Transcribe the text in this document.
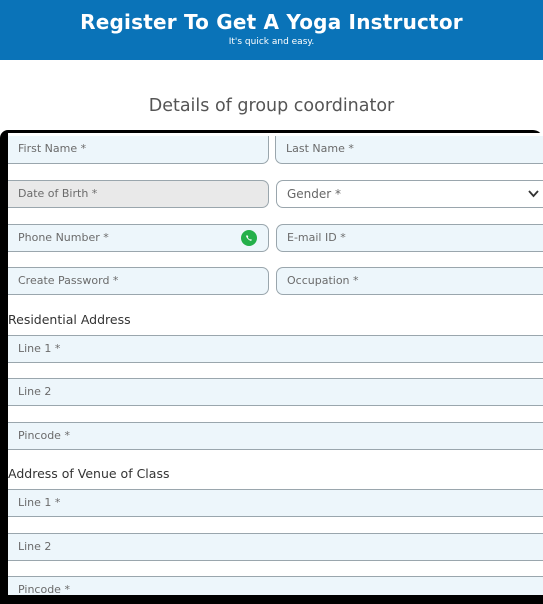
Register To Get A Yoga Instructor
It's quick and easy.
Details of group coordinator
First Name *	Last Name *
Date of Birth *	Gender *
Phone Number *	E-mail ID *
Create Password *	Occupation *
Residential Address
Line 1 *
Line 2
Pincode *
Address of Venue of Class
Line 1 *
Line 2
Pincode *
